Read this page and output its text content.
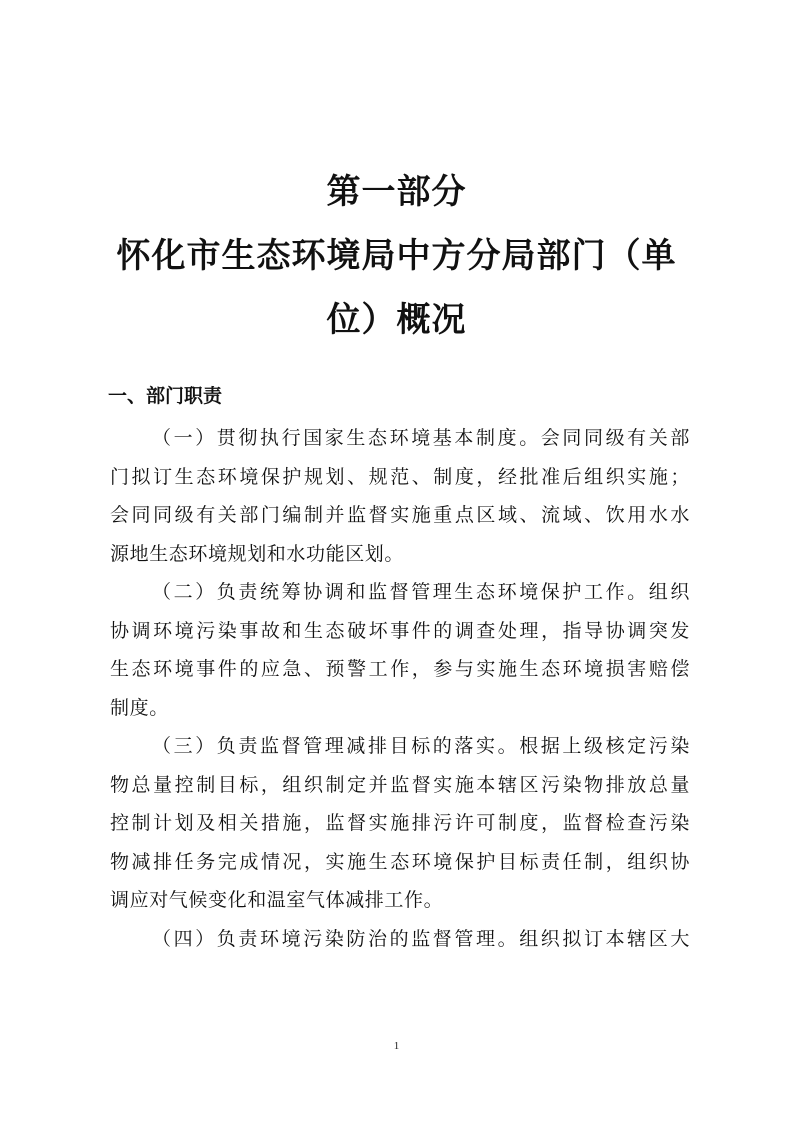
第一部分
怀化市生态环境局中方分局部门（单
位）概况
一、部门职责
（一）贯彻执行国家生态环境基本制度。会同同级有关部
门拟订生态环境保护规划、规范、制度，经批准后组织实施；
会同同级有关部门编制并监督实施重点区域、流域、饮用水水
源地生态环境规划和水功能区划。
（二）负责统筹协调和监督管理生态环境保护工作。组织
协调环境污染事故和生态破坏事件的调查处理，指导协调突发
生态环境事件的应急、预警工作，参与实施生态环境损害赔偿
制度。
（三）负责监督管理减排目标的落实。根据上级核定污染
物总量控制目标，组织制定并监督实施本辖区污染物排放总量
控制计划及相关措施，监督实施排污许可制度，监督检查污染
物减排任务完成情况，实施生态环境保护目标责任制，组织协
调应对气候变化和温室气体减排工作。
（四）负责环境污染防治的监督管理。组织拟订本辖区大
1
